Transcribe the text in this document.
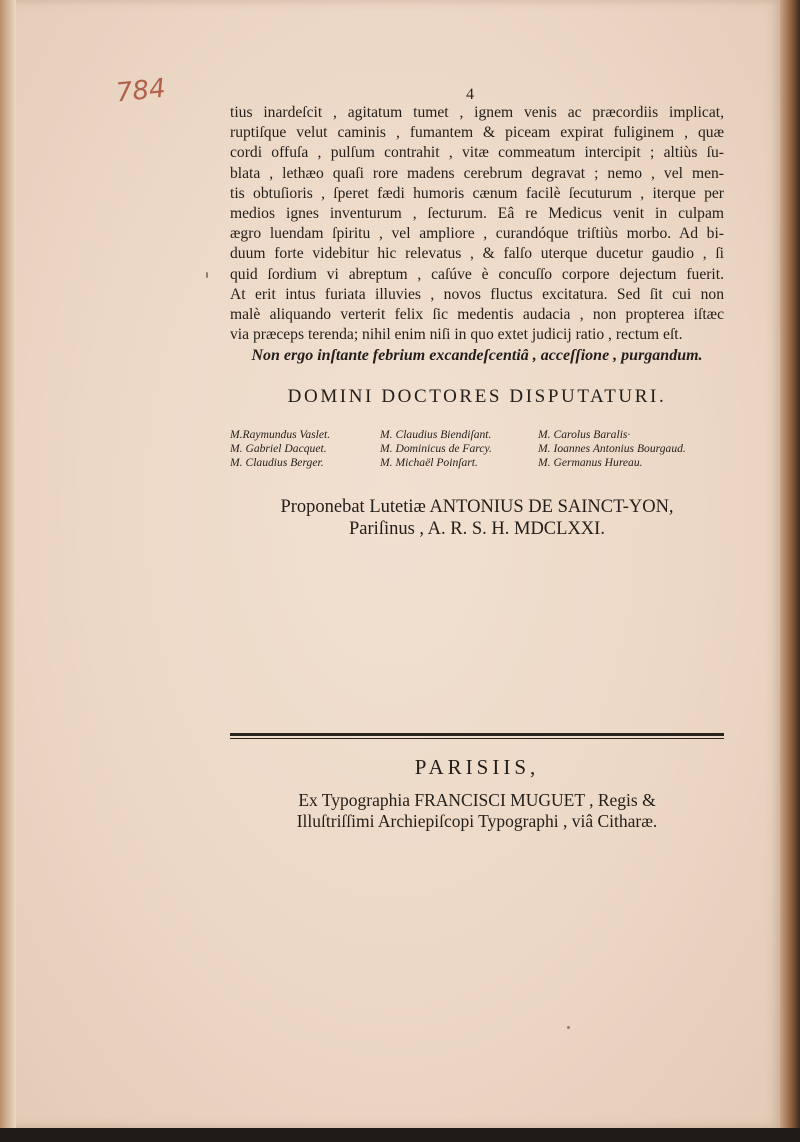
784	4
tius inardeſcit , agitatum tumet , ignem venis ac præcordiis implicat,
ruptiſque velut caminis , fumantem & piceam expirat fuliginem , quæ
cordi offuſa , pulſum contrahit , vitæ commeatum intercipit ; altiùs ſu-
blata , lethæo quaſi rore madens cerebrum degravat ; nemo , vel men-
tis obtuſioris , ſperet fædi humoris cænum facilè ſecuturum , iterque per
medios ignes inventurum , ſecturum. Eâ re Medicus venit in culpam
ægro luendam ſpiritu , vel ampliore , curandóque triſtiùs morbo. Ad bi-
duum forte videbitur hic relevatus , & falſo uterque ducetur gaudio , ſi
quid ſordium vi abreptum , caſúve è concuſſo corpore dejectum fuerit.
At erit intus furiata illuvies , novos fluctus excitatura. Sed ſit cui non
malè aliquando verterit felix ſic medentis audacia , non propterea iſtæc
via præceps terenda; nihil enim niſi in quo extet judicij ratio , rectum eſt.
Non ergo inſtante febrium excandeſcentiâ , acceſſione , purgandum.
DOMINI DOCTORES DISPUTATURI.
M.Raymundus Vaslet.	M. Claudius Biendiſant.	M. Carolus Baralis·
M. Gabriel Dacquet.	M. Dominicus de Farcy.	M. Ioannes Antonius Bourgaud.
M. Claudius Berger.	M. Michaël Poinſart.	M. Germanus Hureau.
Proponebat Lutetiæ ANTONIUS DE SAINCT-YON,
Pariſinus , A. R. S. H. MDCLXXI.
PARISIIS,
Ex Typographia FRANCISCI MUGUET , Regis &
Illuſtriſſimi Archiepiſcopi Typographi , viâ Citharæ.
